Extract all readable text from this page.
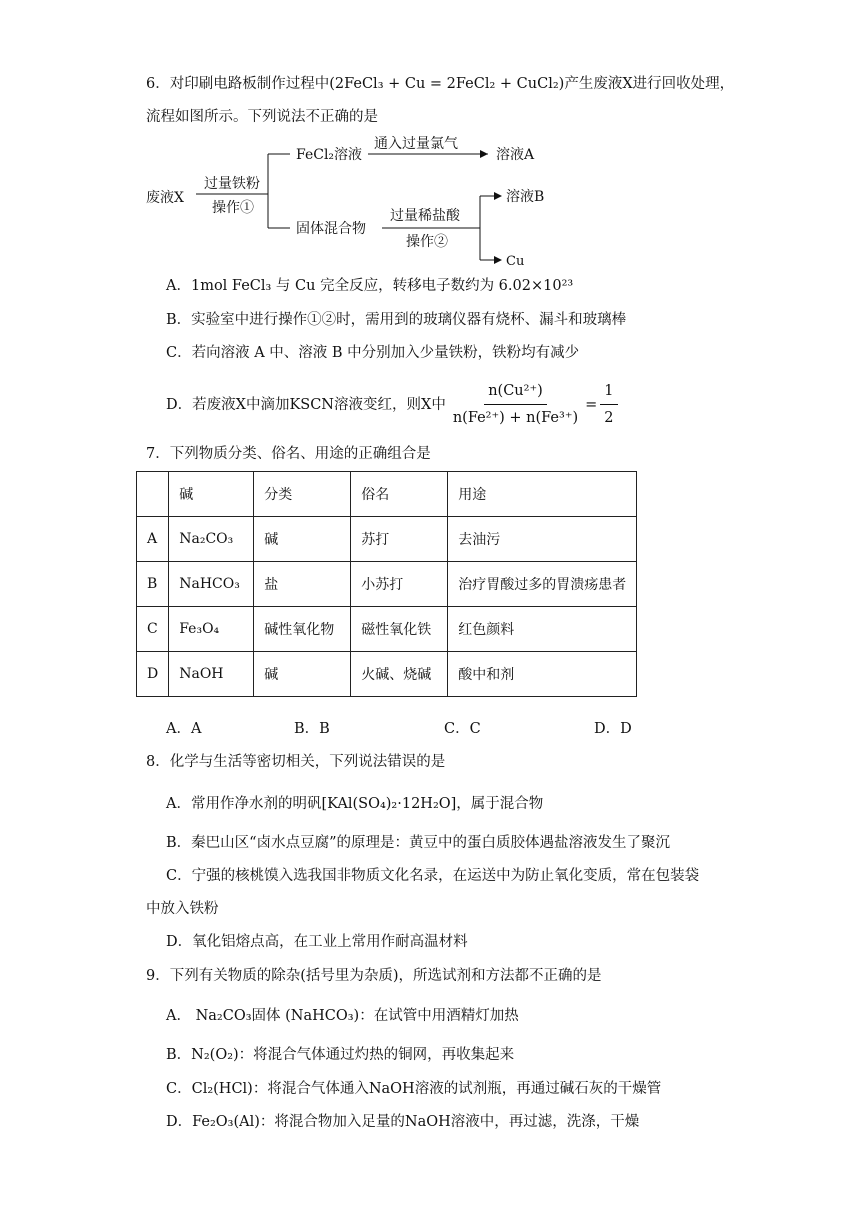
6．对印刷电路板制作过程中(2FeCl₃ + Cu = 2FeCl₂ + CuCl₂)产生废液X进行回收处理，
流程如图所示。下列说法不正确的是
废液X
过量铁粉
操作①
FeCl₂溶液
通入过量氯气
溶液A
固体混合物
过量稀盐酸
操作②
溶液B
Cu
A．1mol FeCl₃ 与 Cu 完全反应，转移电子数约为 6.02×10²³
B．实验室中进行操作①②时，需用到的玻璃仪器有烧杯、漏斗和玻璃棒
C．若向溶液 A 中、溶液 B 中分别加入少量铁粉，铁粉均有减少
D．若废液X中滴加KSCN溶液变红，则X中 $\frac{\text{n(Cu²⁺)}}{\text{n(Fe²⁺) + n(Fe³⁺)}} = \frac{1}{2}$
7．下列物质分类、俗名、用途的正确组合是
	碱	分类	俗名	用途
A	Na₂CO₃	碱	苏打	去油污
B	NaHCO₃	盐	小苏打	治疗胃酸过多的胃溃疡患者
C	Fe₃O₄	碱性氧化物	磁性氧化铁	红色颜料
D	NaOH	碱	火碱、烧碱	酸中和剂
A．A	B．B	C．C	D．D
8．化学与生活等密切相关，下列说法错误的是
A．常用作净水剂的明矾[KAl(SO₄)₂·12H₂O]，属于混合物
B．秦巴山区“卤水点豆腐”的原理是：黄豆中的蛋白质胶体遇盐溶液发生了聚沉
C．宁强的核桃馍入选我国非物质文化名录，在运送中为防止氧化变质，常在包装袋
中放入铁粉
D．氧化铝熔点高，在工业上常用作耐高温材料
9．下列有关物质的除杂(括号里为杂质)，所选试剂和方法都不正确的是
A． Na₂CO₃固体 (NaHCO₃)：在试管中用酒精灯加热
B．N₂(O₂)：将混合气体通过灼热的铜网，再收集起来
C．Cl₂(HCl)：将混合气体通入NaOH溶液的试剂瓶，再通过碱石灰的干燥管
D．Fe₂O₃(Al)：将混合物加入足量的NaOH溶液中，再过滤，洗涤，干燥
